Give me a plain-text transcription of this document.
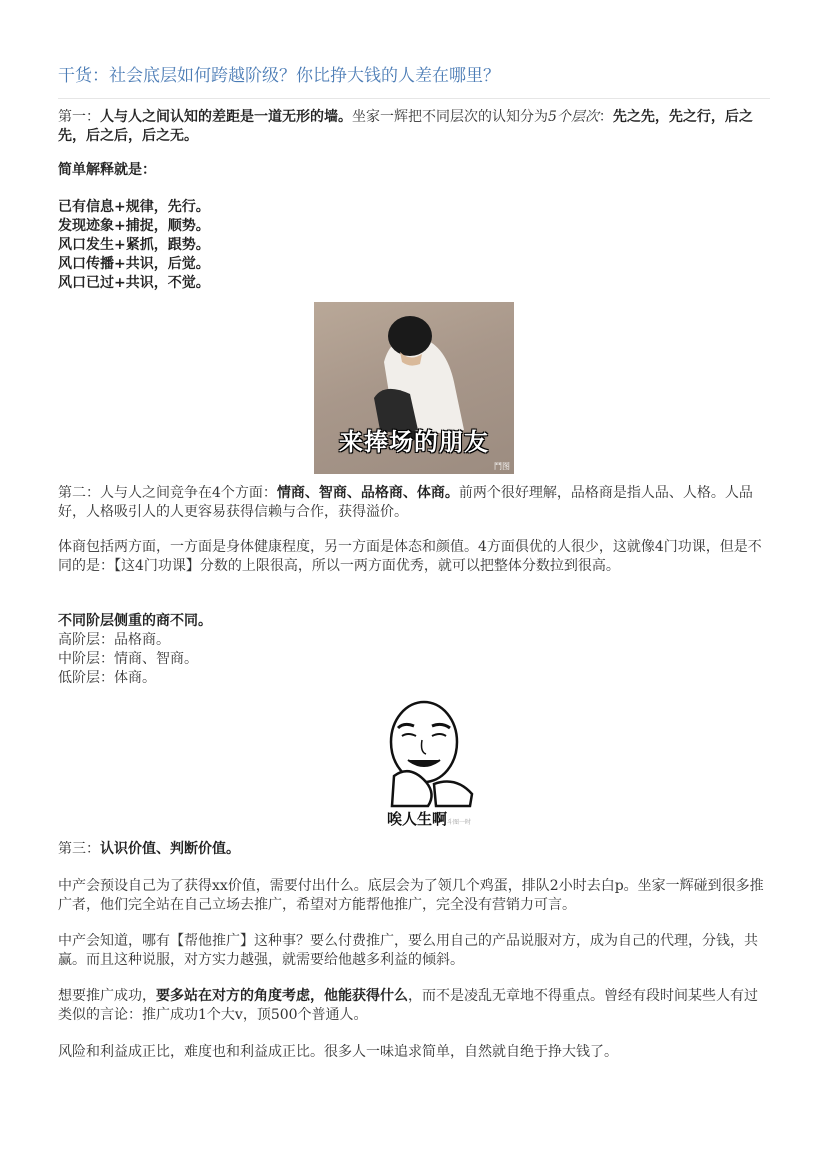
干货：社会底层如何跨越阶级？你比挣大钱的人差在哪里？

第一：人与人之间认知的差距是一道无形的墙。坐家一辉把不同层次的认知分为5个层次：先之先，先之行，后之先，后之后，后之无。

简单解释就是：

已有信息+规律，先行。

发现迹象+捕捉，顺势。

风口发生+紧抓，跟势。

风口传播+共识，后觉。

风口已过+共识，不觉。

来捧场的朋友
鬥图

第二：人与人之间竞争在4个方面：情商、智商、品格商、体商。前两个很好理解，品格商是指人品、人格。人品好，人格吸引人的人更容易获得信赖与合作，获得溢价。

体商包括两方面，一方面是身体健康程度，另一方面是体态和颜值。4方面俱优的人很少，这就像4门功课，但是不同的是：【这4门功课】分数的上限很高，所以一两方面优秀，就可以把整体分数拉到很高。

不同阶层侧重的商不同。

高阶层：品格商。

中阶层：情商、智商。

低阶层：体商。

唉人生啊斗图一时

第三：认识价值、判断价值。

中产会预设自己为了获得xx价值，需要付出什么。底层会为了领几个鸡蛋，排队2小时去白p。坐家一辉碰到很多推广者，他们完全站在自己立场去推广，希望对方能帮他推广，完全没有营销力可言。

中产会知道，哪有【帮他推广】这种事？要么付费推广，要么用自己的产品说服对方，成为自己的代理，分钱，共赢。而且这种说服，对方实力越强，就需要给他越多利益的倾斜。

想要推广成功，要多站在对方的角度考虑，他能获得什么，而不是凌乱无章地不得重点。曾经有段时间某些人有过类似的言论：推广成功1个大v，顶500个普通人。

风险和利益成正比，难度也和利益成正比。很多人一味追求简单，自然就自绝于挣大钱了。
